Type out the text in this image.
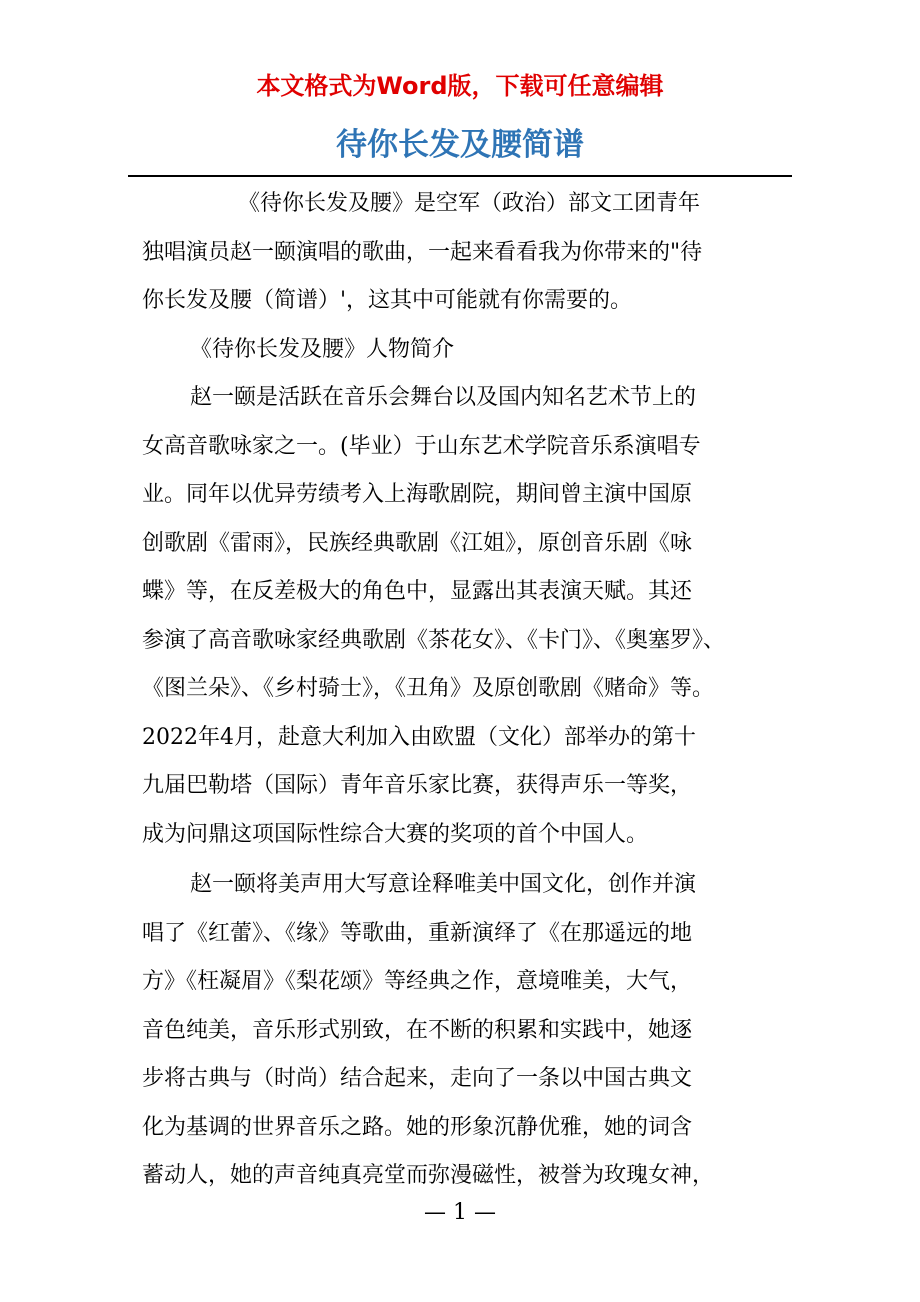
本文格式为Word版，下载可任意编辑
待你长发及腰简谱
《待你长发及腰》是空军（政治）部文工团青年
独唱演员赵一颐演唱的歌曲，一起来看看我为你带来的"待
你长发及腰（简谱）'，这其中可能就有你需要的。
《待你长发及腰》人物简介
赵一颐是活跃在音乐会舞台以及国内知名艺术节上的
女高音歌咏家之一。(毕业）于山东艺术学院音乐系演唱专
业。同年以优异劳绩考入上海歌剧院，期间曾主演中国原
创歌剧《雷雨》，民族经典歌剧《江姐》，原创音乐剧《咏
蝶》等，在反差极大的角色中，显露出其表演天赋。其还
参演了高音歌咏家经典歌剧《茶花女》、《卡门》、《奥塞罗》、
《图兰朵》、《乡村骑士》，《丑角》及原创歌剧《赌命》等。
2022年4月，赴意大利加入由欧盟（文化）部举办的第十
九届巴勒塔（国际）青年音乐家比赛，获得声乐一等奖，
成为问鼎这项国际性综合大赛的奖项的首个中国人。
赵一颐将美声用大写意诠释唯美中国文化，创作并演
唱了《红蕾》、《缘》等歌曲，重新演绎了《在那遥远的地
方》《枉凝眉》《梨花颂》等经典之作，意境唯美，大气，
音色纯美，音乐形式别致，在不断的积累和实践中，她逐
步将古典与（时尚）结合起来，走向了一条以中国古典文
化为基调的世界音乐之路。她的形象沉静优雅，她的词含
蓄动人，她的声音纯真亮堂而弥漫磁性，被誉为玫瑰女神，
— 1 —
